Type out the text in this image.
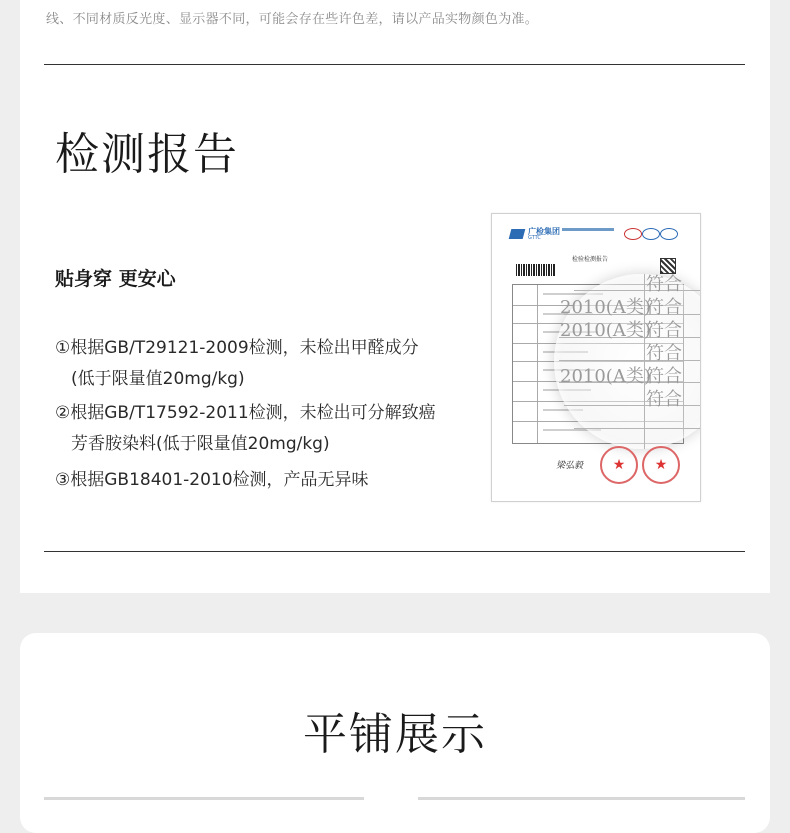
线、不同材质反光度、显示器不同，可能会存在些许色差，请以产品实物颜色为准。
检测报告
贴身穿 更安心
①根据GB/T29121-2009检测，未检出甲醛成分
(低于限量值20mg/kg)
②根据GB/T17592-2011检测，未检出可分解致癌
芳香胺染料(低于限量值20mg/kg)
③根据GB18401-2010检测，产品无异味
广检集团
GTTC
检验检测报告
符合
2010(A类)
符合
2010(A类)
符合
符合
2010(A类)
符合
符合

梁弘毅	★	★
平铺展示
